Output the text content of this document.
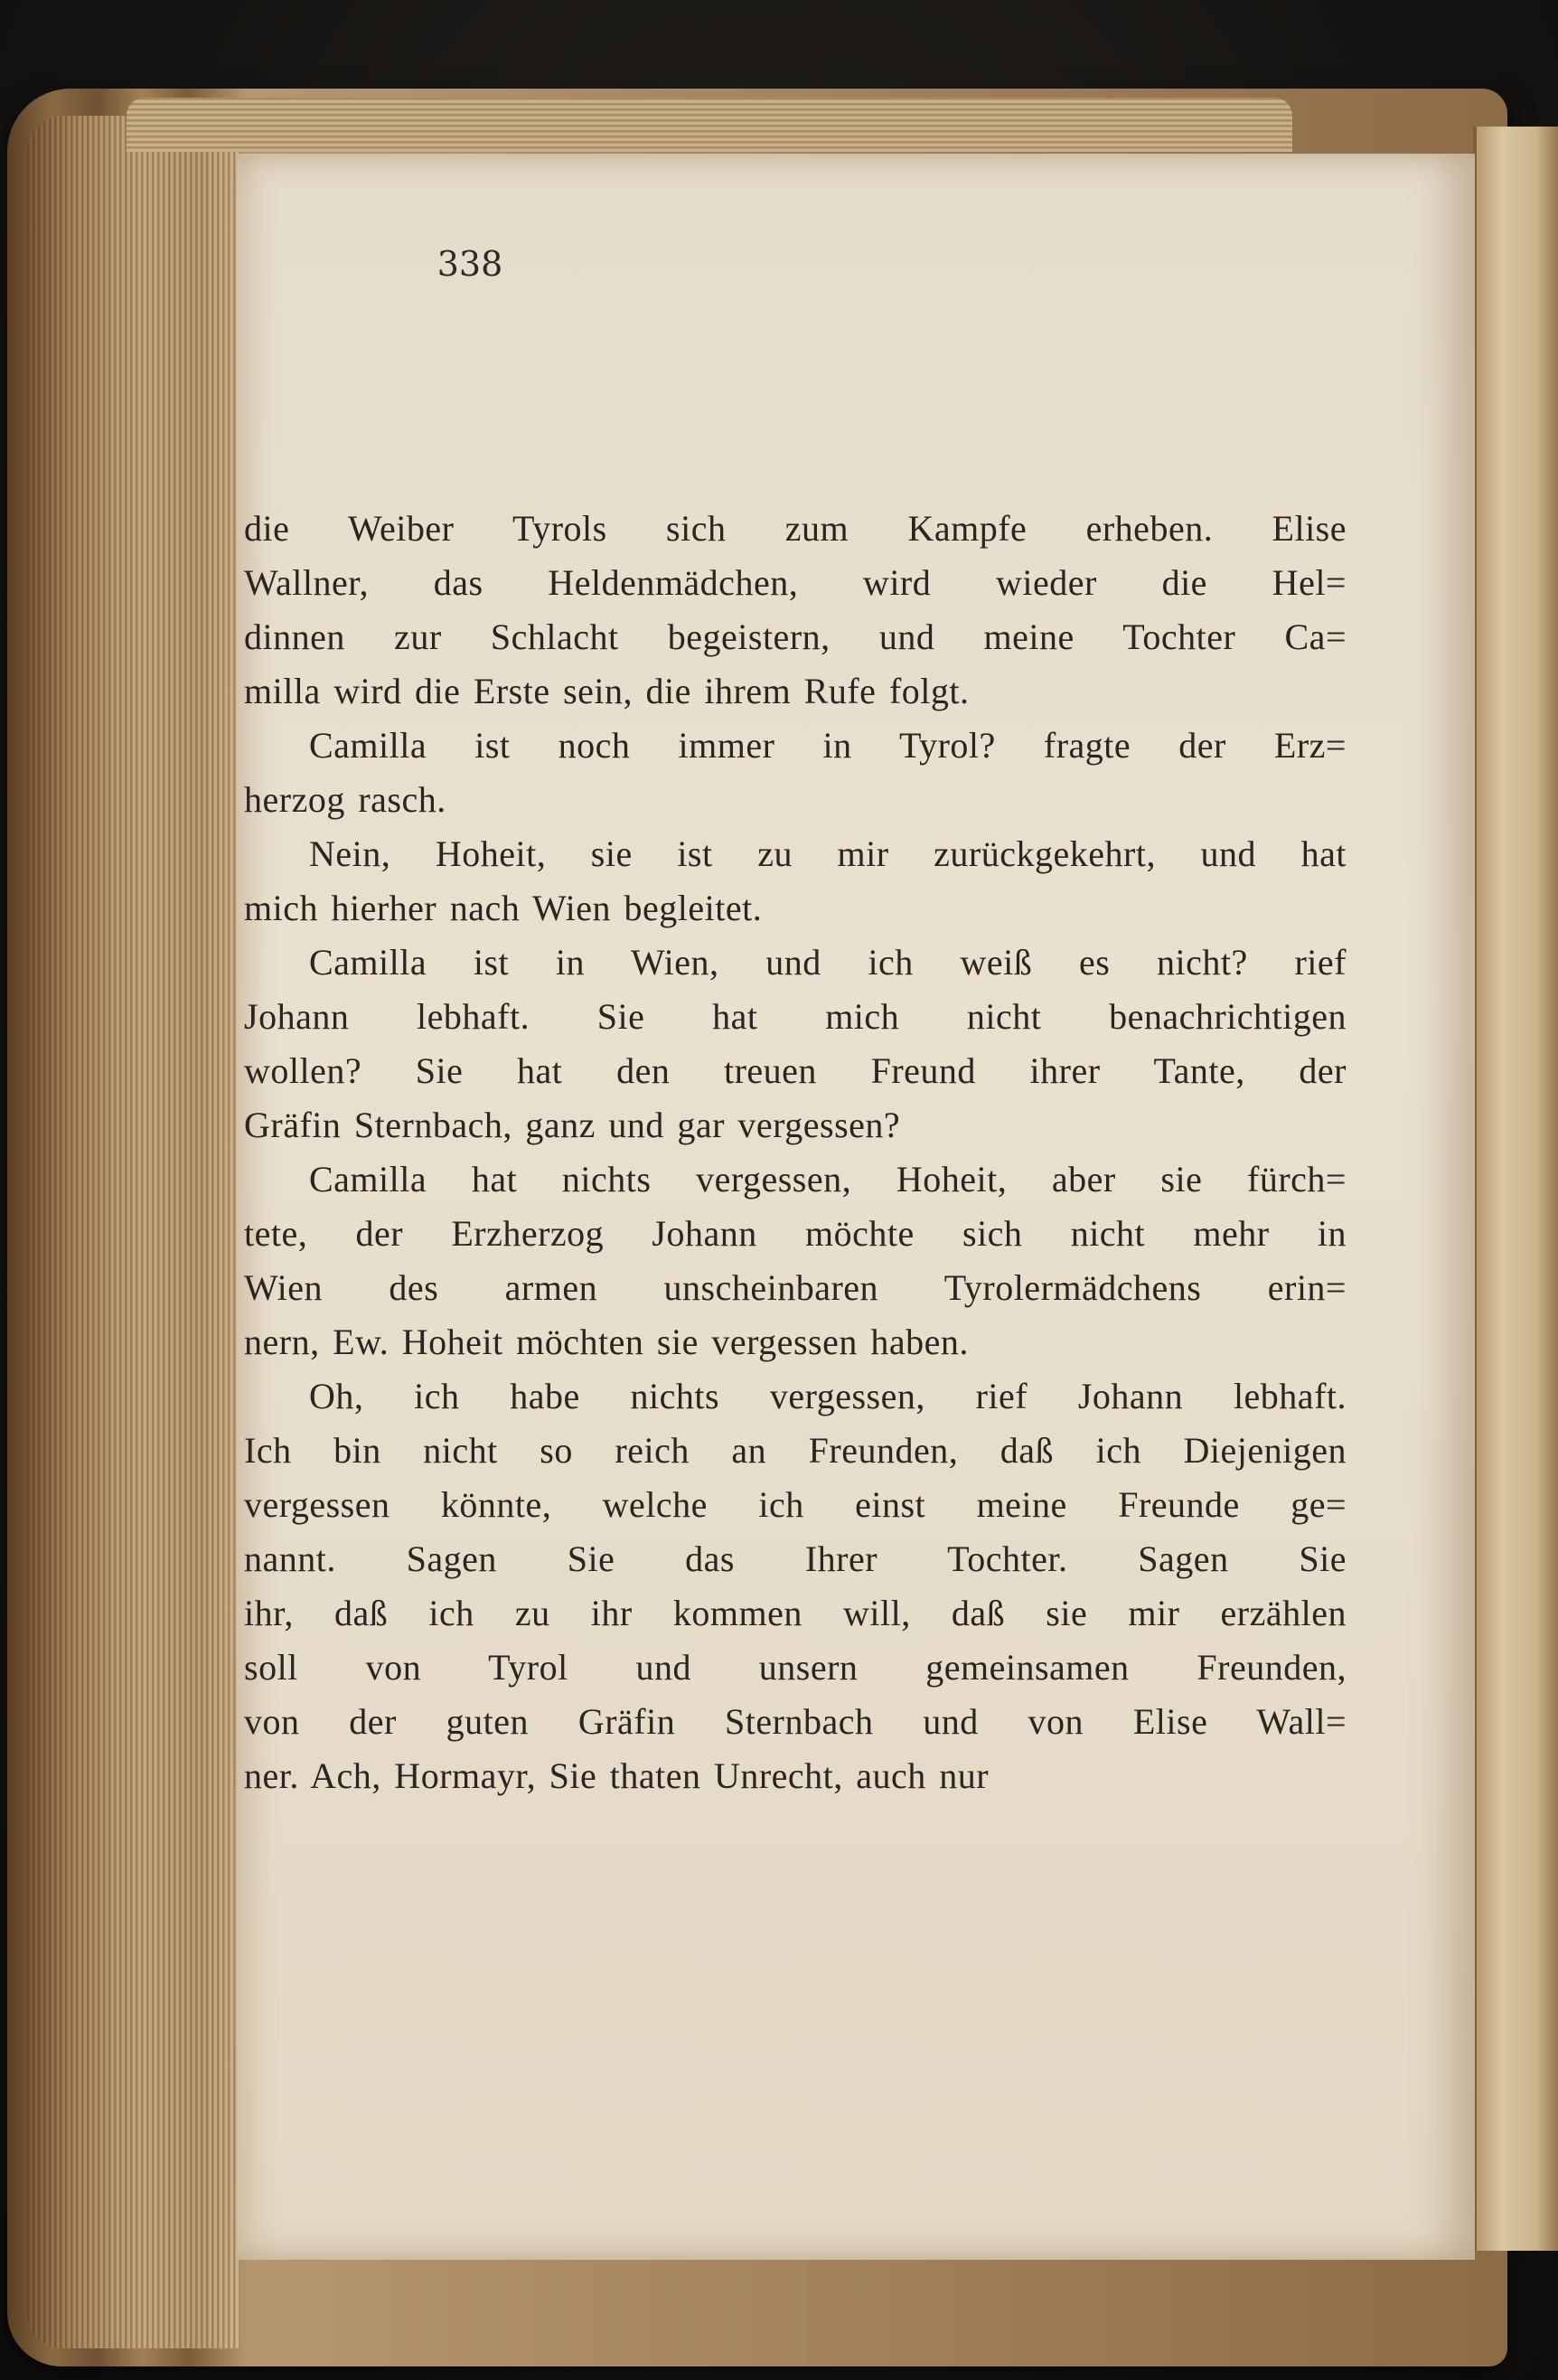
338

die Weiber Tyrols sich zum Kampfe erheben. Elise
Wallner, das Heldenmädchen, wird wieder die Hel=
dinnen zur Schlacht begeistern, und meine Tochter Ca=
milla wird die Erste sein, die ihrem Rufe folgt.

Camilla ist noch immer in Tyrol? fragte der Erz=
herzog rasch.

Nein, Hoheit, sie ist zu mir zurückgekehrt, und hat
mich hierher nach Wien begleitet.

Camilla ist in Wien, und ich weiß es nicht? rief
Johann lebhaft. Sie hat mich nicht benachrichtigen
wollen? Sie hat den treuen Freund ihrer Tante, der
Gräfin Sternbach, ganz und gar vergessen?

Camilla hat nichts vergessen, Hoheit, aber sie fürch=
tete, der Erzherzog Johann möchte sich nicht mehr in
Wien des armen unscheinbaren Tyrolermädchens erin=
nern, Ew. Hoheit möchten sie vergessen haben.

Oh, ich habe nichts vergessen, rief Johann lebhaft.
Ich bin nicht so reich an Freunden, daß ich Diejenigen
vergessen könnte, welche ich einst meine Freunde ge=
nannt. Sagen Sie das Ihrer Tochter. Sagen Sie
ihr, daß ich zu ihr kommen will, daß sie mir erzählen
soll von Tyrol und unsern gemeinsamen Freunden,
von der guten Gräfin Sternbach und von Elise Wall=
ner. Ach, Hormayr, Sie thaten Unrecht, auch nur
